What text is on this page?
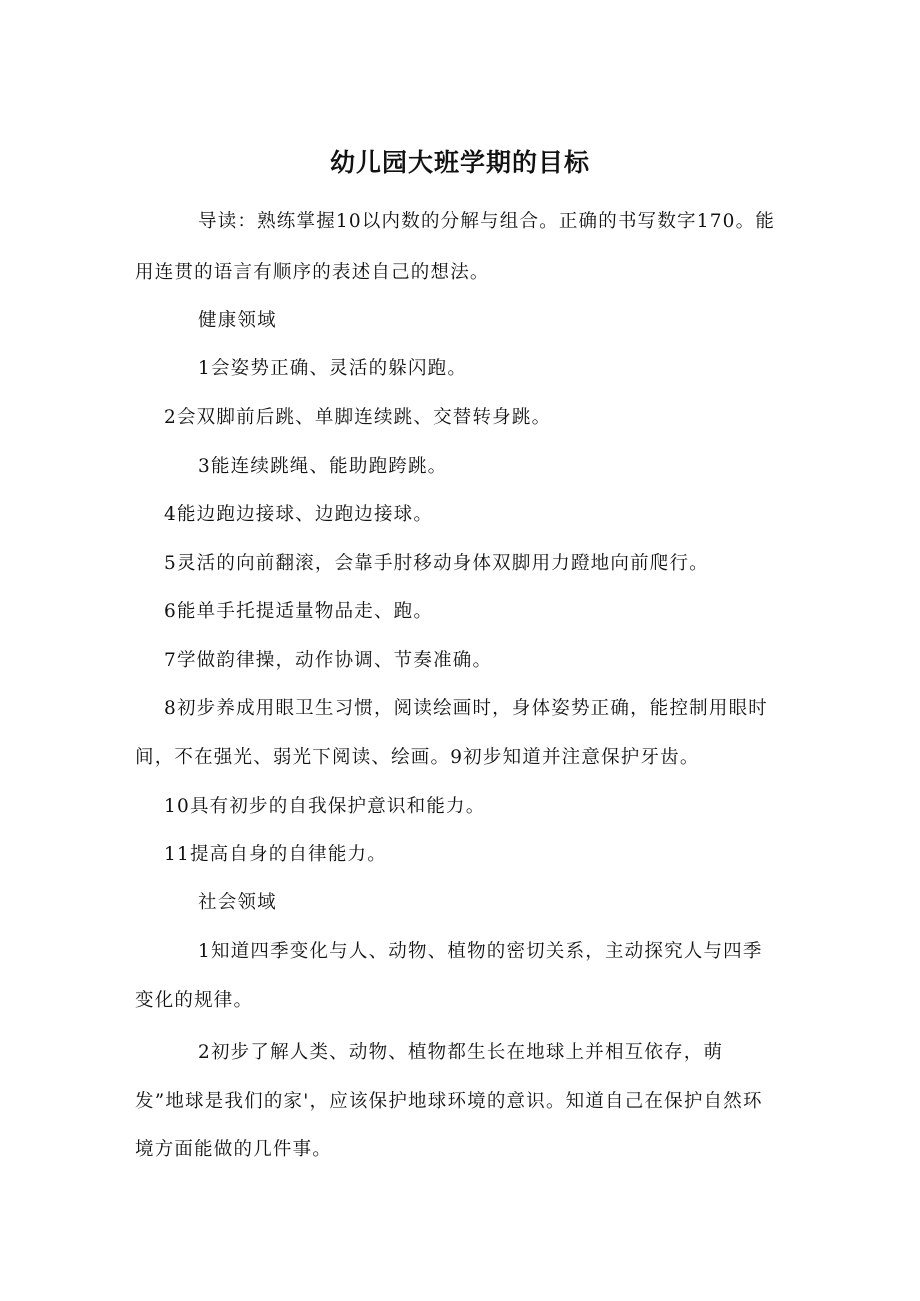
幼儿园大班学期的目标
导读：熟练掌握10以内数的分解与组合。正确的书写数字170。能
用连贯的语言有顺序的表述自己的想法。
健康领域
1会姿势正确、灵活的躲闪跑。
2会双脚前后跳、单脚连续跳、交替转身跳。
3能连续跳绳、能助跑跨跳。
4能边跑边接球、边跑边接球。
5灵活的向前翻滚，会靠手肘移动身体双脚用力蹬地向前爬行。
6能单手托提适量物品走、跑。
7学做韵律操，动作协调、节奏准确。
8初步养成用眼卫生习惯，阅读绘画时，身体姿势正确，能控制用眼时
间，不在强光、弱光下阅读、绘画。9初步知道并注意保护牙齿。
10具有初步的自我保护意识和能力。
11提高自身的自律能力。
社会领域
1知道四季变化与人、动物、植物的密切关系，主动探究人与四季
变化的规律。
2初步了解人类、动物、植物都生长在地球上并相互依存，萌
发”地球是我们的家'，应该保护地球环境的意识。知道自己在保护自然环
境方面能做的几件事。
